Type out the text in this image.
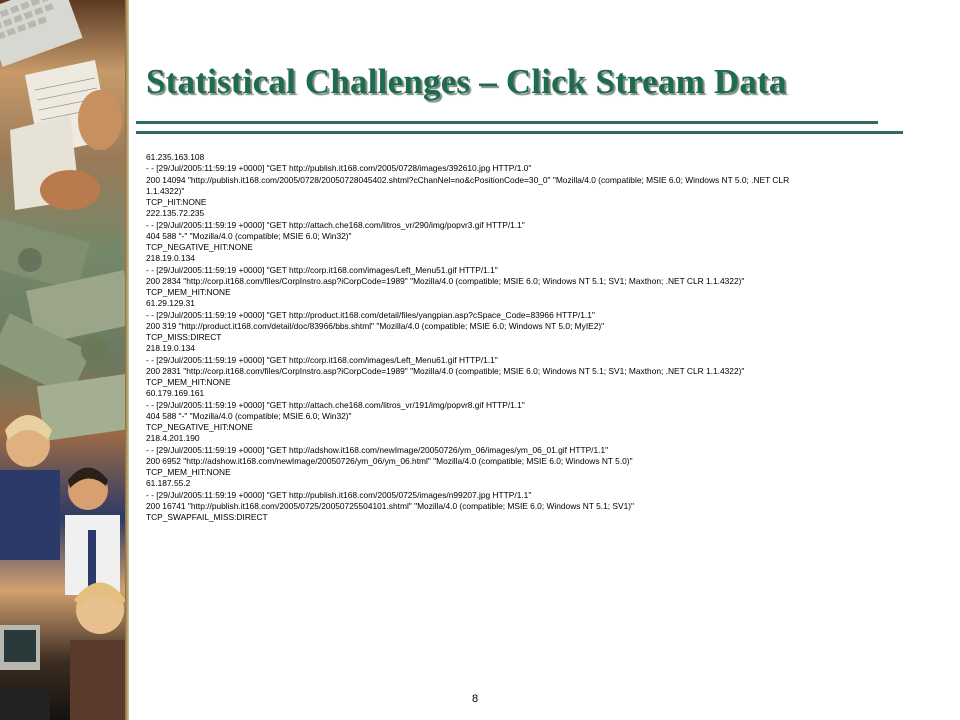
Statistical Challenges – Click Stream Data
61.235.163.108
- - [29/Jul/2005:11:59:19 +0000] "GET http://publish.it168.com/2005/0728/images/392610.jpg HTTP/1.0"
200 14094 "http://publish.it168.com/2005/0728/20050728045402.shtml?cChanNel=no&cPositionCode=30_0" "Mozilla/4.0 (compatible; MSIE 6.0; Windows NT 5.0; .NET CLR
1.1.4322)"
TCP_HIT:NONE
222.135.72.235
- - [29/Jul/2005:11:59:19 +0000] "GET http://attach.che168.com/litros_vr/290/img/popvr3.gif HTTP/1.1"
404 588 "-" "Mozilla/4.0 (compatible; MSIE 6.0; Win32)"
TCP_NEGATIVE_HIT:NONE
218.19.0.134
- - [29/Jul/2005:11:59:19 +0000] "GET http://corp.it168.com/images/Left_Menu51.gif HTTP/1.1"
200 2834 "http://corp.it168.com/files/CorpInstro.asp?iCorpCode=1989" "Mozilla/4.0 (compatible; MSIE 6.0; Windows NT 5.1; SV1; Maxthon; .NET CLR 1.1.4322)"
TCP_MEM_HIT:NONE
61.29.129.31
- - [29/Jul/2005:11:59:19 +0000] "GET http://product.it168.com/detail/files/yangpian.asp?cSpace_Code=83966 HTTP/1.1"
200 319 "http://product.it168.com/detail/doc/83966/bbs.shtml" "Mozilla/4.0 (compatible; MSIE 6.0; Windows NT 5.0; MyIE2)"
TCP_MISS:DIRECT
218.19.0.134
- - [29/Jul/2005:11:59:19 +0000] "GET http://corp.it168.com/images/Left_Menu61.gif HTTP/1.1"
200 2831 "http://corp.it168.com/files/CorpInstro.asp?iCorpCode=1989" "Mozilla/4.0 (compatible; MSIE 6.0; Windows NT 5.1; SV1; Maxthon; .NET CLR 1.1.4322)"
TCP_MEM_HIT:NONE
60.179.169.161
- - [29/Jul/2005:11:59:19 +0000] "GET http://attach.che168.com/litros_vr/191/img/popvr8.gif HTTP/1.1"
404 588 "-" "Mozilla/4.0 (compatible; MSIE 6.0; Win32)"
TCP_NEGATIVE_HIT:NONE
218.4.201.190
- - [29/Jul/2005:11:59:19 +0000] "GET http://adshow.it168.com/newImage/20050726/ym_06/images/ym_06_01.gif HTTP/1.1"
200 6952 "http://adshow.it168.com/newImage/20050726/ym_06/ym_06.html" "Mozilla/4.0 (compatible; MSIE 6.0; Windows NT 5.0)"
TCP_MEM_HIT:NONE
61.187.55.2
- - [29/Jul/2005:11:59:19 +0000] "GET http://publish.it168.com/2005/0725/images/n99207.jpg HTTP/1.1"
200 16741 "http://publish.it168.com/2005/0725/20050725504101.shtml" "Mozilla/4.0 (compatible; MSIE 6.0; Windows NT 5.1; SV1)"
TCP_SWAPFAIL_MISS:DIRECT
8
